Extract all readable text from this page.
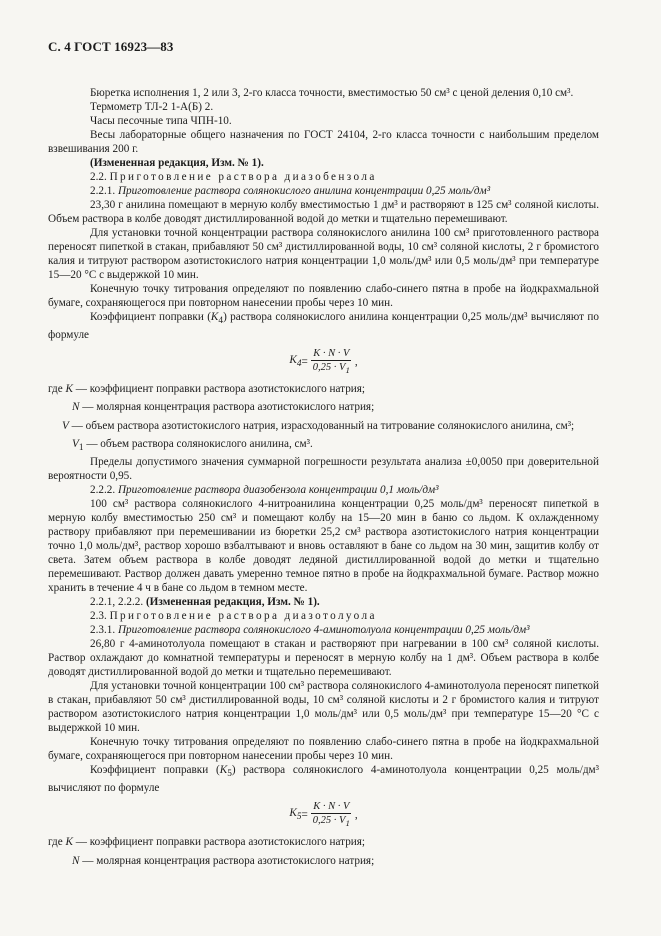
С. 4 ГОСТ 16923—83

Бюретка исполнения 1, 2 или 3, 2-го класса точности, вместимостью 50 см³ с ценой деления 0,10 см³.

Термометр ТЛ-2 1-А(Б) 2.

Часы песочные типа ЧПН-10.

Весы лабораторные общего назначения по ГОСТ 24104, 2-го класса точности с наибольшим пределом взвешивания 200 г.

(Измененная редакция, Изм. № 1).

2.2. Приготовление раствора диазобензола

2.2.1. Приготовление раствора солянокислого анилина концентрации 0,25 моль/дм³

23,30 г анилина помещают в мерную колбу вместимостью 1 дм³ и растворяют в 125 см³ соляной кислоты. Объем раствора в колбе доводят дистиллированной водой до метки и тщательно перемешивают.

Для установки точной концентрации раствора солянокислого анилина 100 см³ приготовленного раствора переносят пипеткой в стакан, прибавляют 50 см³ дистиллированной воды, 10 см³ соляной кислоты, 2 г бромистого калия и титруют раствором азотистокислого натрия концентрации 1,0 моль/дм³ или 0,5 моль/дм³ при температуре 15—20 °С с выдержкой 10 мин.

Конечную точку титрования определяют по появлению слабо-синего пятна в пробе на йодкрахмальной бумаге, сохраняющегося при повторном нанесении пробы через 10 мин.

Коэффициент поправки $(K_4)$ раствора солянокислого анилина концентрации 0,25 моль/дм³ вычисляют по формуле

$K_4 = \frac{K \cdot N \cdot V}{0,25 \cdot V_1}$ ,

где K — коэффициент поправки раствора азотистокислого натрия;

N — молярная концентрация раствора азотистокислого натрия;

V — объем раствора азотистокислого натрия, израсходованный на титрование солянокислого анилина, см³;

$V_1$ — объем раствора солянокислого анилина, см³.

Пределы допустимого значения суммарной погрешности результата анализа ±0,0050 при доверительной вероятности 0,95.

2.2.2. Приготовление раствора диазобензола концентрации 0,1 моль/дм³

100 см³ раствора солянокислого 4-нитроанилина концентрации 0,25 моль/дм³ переносят пипеткой в мерную колбу вместимостью 250 см³ и помещают колбу на 15—20 мин в баню со льдом. К охлажденному раствору прибавляют при перемешивании из бюретки 25,2 см³ раствора азотистокислого натрия концентрации точно 1,0 моль/дм³, раствор хорошо взбалтывают и вновь оставляют в бане со льдом на 30 мин, защитив колбу от света. Затем объем раствора в колбе доводят ледяной дистиллированной водой до метки и тщательно перемешивают. Раствор должен давать умеренно темное пятно в пробе на йодкрахмальной бумаге. Раствор можно хранить в течение 4 ч в бане со льдом в темном месте.

2.2.1, 2.2.2. (Измененная редакция, Изм. № 1).

2.3. Приготовление раствора диазотолуола

2.3.1. Приготовление раствора солянокислого 4-аминотолуола концентрации 0,25 моль/дм³

26,80 г 4-аминотолуола помещают в стакан и растворяют при нагревании в 100 см³ соляной кислоты. Раствор охлаждают до комнатной температуры и переносят в мерную колбу на 1 дм³. Объем раствора в колбе доводят дистиллированной водой до метки и тщательно перемешивают.

Для установки точной концентрации 100 см³ раствора солянокислого 4-аминотолуола переносят пипеткой в стакан, прибавляют 50 см³ дистиллированной воды, 10 см³ соляной кислоты и 2 г бромистого калия и титруют раствором азотистокислого натрия концентрации 1,0 моль/дм³ или 0,5 моль/дм³ при температуре 15—20 °С с выдержкой 10 мин.

Конечную точку титрования определяют по появлению слабо-синего пятна в пробе на йодкрахмальной бумаге, сохраняющегося при повторном нанесении пробы через 10 мин.

Коэффициент поправки $(K_5)$ раствора солянокислого 4-аминотолуола концентрации 0,25 моль/дм³ вычисляют по формуле

$K_5 = \frac{K \cdot N \cdot V}{0,25 \cdot V_1}$ ,

где K — коэффициент поправки раствора азотистокислого натрия;

N — молярная концентрация раствора азотистокислого натрия;
